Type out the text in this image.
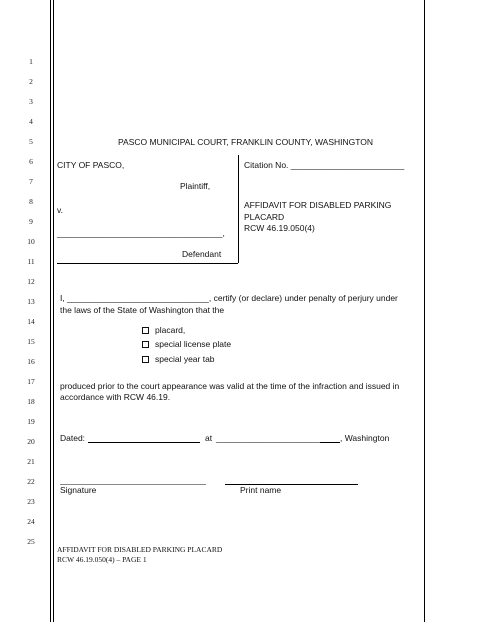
1
2
3
4
5
6
7
8
9
10
11
12
13
14
15
16
17
18
19
20
21
22
23
24
25
PASCO MUNICIPAL COURT, FRANKLIN COUNTY, WASHINGTON
CITY OF PASCO,
Plaintiff,
v.
___________________________________,
Defendant
Citation No. ________________________
AFFIDAVIT FOR DISABLED PARKING
PLACARD
RCW 46.19.050(4)
I, ______________________________, certify (or declare) under penalty of perjury under
the laws of the State of Washington that the
placard,
special license plate
special year tab
produced prior to the court appearance was valid at the time of the infraction and issued in
accordance with RCW 46.19.
Dated:	at ________________________ , Washington
Signature	Print name
AFFIDAVIT FOR DISABLED PARKING PLACARD
RCW 46.19.050(4) – PAGE 1
